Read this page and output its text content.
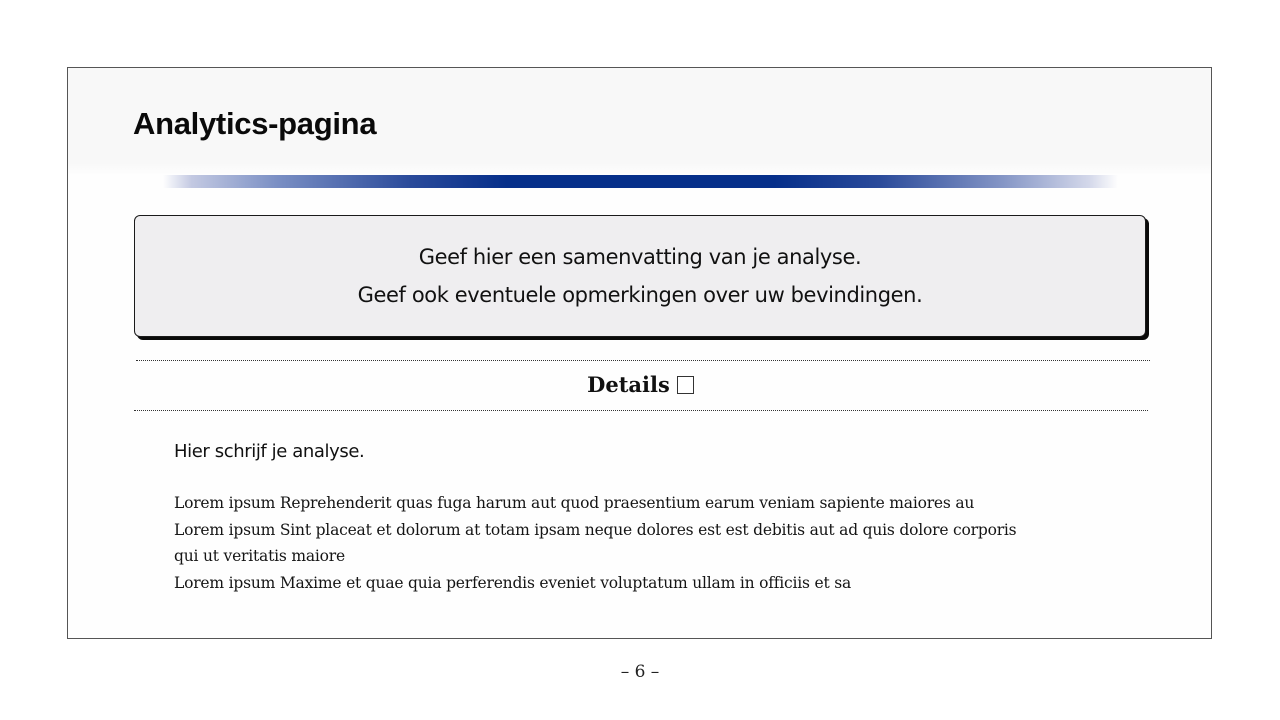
Analytics-pagina
Geef hier een samenvatting van je analyse.
Geef ook eventuele opmerkingen over uw bevindingen.
Details
Hier schrijf je analyse.
Lorem ipsum Reprehenderit quas fuga harum aut quod praesentium earum veniam sapiente maiores au
Lorem ipsum Sint placeat et dolorum at totam ipsam neque dolores est est debitis aut ad quis dolore corporis
qui ut veritatis maiore
Lorem ipsum Maxime et quae quia perferendis eveniet voluptatum ullam in officiis et sa
– 6 –
